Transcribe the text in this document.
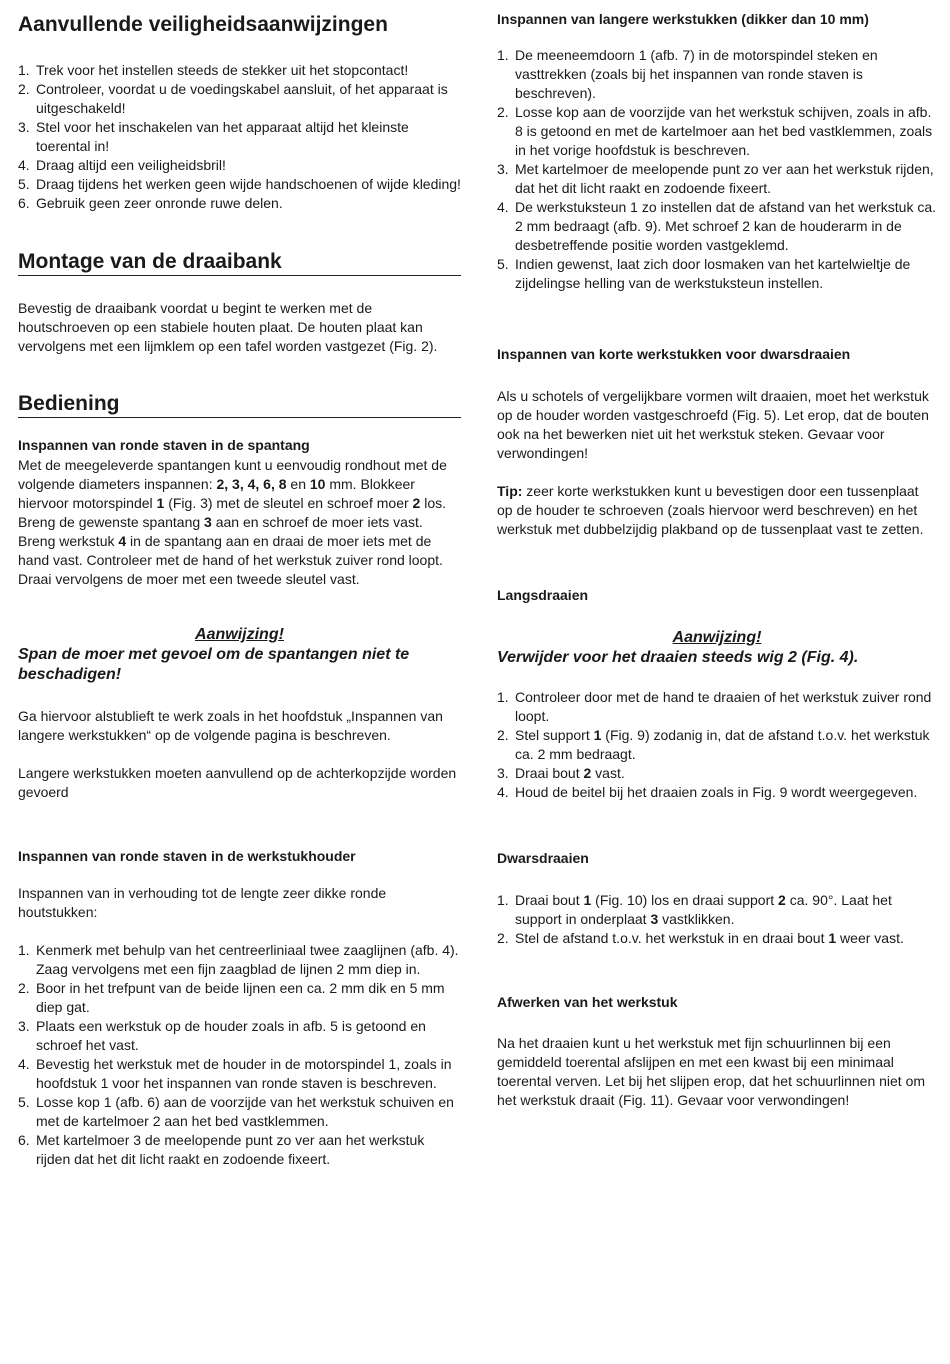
Aanvullende veiligheidsaanwijzingen
1. Trek voor het instellen steeds de stekker uit het stopcontact!
2. Controleer, voordat u de voedingskabel aansluit, of het apparaat is uitgeschakeld!
3. Stel voor het inschakelen van het apparaat altijd het kleinste toerental in!
4. Draag altijd een veiligheidsbril!
5. Draag tijdens het werken geen wijde handschoenen of wijde kleding!
6. Gebruik geen zeer onronde ruwe delen.
Montage van de draaibank

Bevestig de draaibank voordat u begint te werken met de houtschroeven op een stabiele houten plaat. De houten plaat kan vervolgens met een lijmklem op een tafel worden vastgezet (Fig. 2).

Bediening
Inspannen van ronde staven in de spantang

Met de meegeleverde spantangen kunt u eenvoudig rondhout met de volgende diameters inspannen: 2, 3, 4, 6, 8 en 10 mm. Blokkeer hiervoor motorspindel 1 (Fig. 3) met de sleutel en schroef moer 2 los. Breng de gewenste spantang 3 aan en schroef de moer iets vast. Breng werkstuk 4 in de spantang aan en draai de moer iets met de hand vast. Controleer met de hand of het werkstuk zuiver rond loopt. Draai vervolgens de moer met een tweede sleutel vast.

Aanwijzing!

Span de moer met gevoel om de spantangen niet te beschadigen!

Ga hiervoor alstublieft te werk zoals in het hoofdstuk „Inspannen van langere werkstukken“ op de volgende pagina is beschreven.

Langere werkstukken moeten aanvullend op de achterkopzijde worden gevoerd

Inspannen van ronde staven in de werkstukhouder

Inspannen van in verhouding tot de lengte zeer dikke ronde houtstukken:

1. Kenmerk met behulp van het centreerliniaal twee zaaglijnen (afb. 4). Zaag vervolgens met een fijn zaagblad de lijnen 2 mm diep in.
2. Boor in het trefpunt van de beide lijnen een ca. 2 mm dik en 5 mm diep gat.
3. Plaats een werkstuk op de houder zoals in afb. 5 is getoond en schroef het vast.
4. Bevestig het werkstuk met de houder in de motorspindel 1, zoals in hoofdstuk 1 voor het inspannen van ronde staven is beschreven.
5. Losse kop 1 (afb. 6) aan de voorzijde van het werkstuk schuiven en met de kartelmoer 2 aan het bed vastklemmen.
6. Met kartelmoer 3 de meelopende punt zo ver aan het werkstuk rijden dat het dit licht raakt en zodoende fixeert.
Inspannen van langere werkstukken (dikker dan 10 mm)
1. De meeneemdoorn 1 (afb. 7) in de motorspindel steken en vasttrekken (zoals bij het inspannen van ronde staven is beschreven).
2. Losse kop aan de voorzijde van het werkstuk schijven, zoals in afb. 8 is getoond en met de kartelmoer aan het bed vastklemmen, zoals in het vorige hoofdstuk is beschreven.
3. Met kartelmoer de meelopende punt zo ver aan het werkstuk rijden, dat het dit licht raakt en zodoende fixeert.
4. De werkstuksteun 1 zo instellen dat de afstand van het werkstuk ca. 2 mm bedraagt (afb. 9). Met schroef 2 kan de houderarm in de desbetreffende positie worden vastgeklemd.
5. Indien gewenst, laat zich door losmaken van het kartelwieltje de zijdelingse helling van de werkstuksteun instellen.
Inspannen van korte werkstukken voor dwarsdraaien

Als u schotels of vergelijkbare vormen wilt draaien, moet het werkstuk op de houder worden vastgeschroefd (Fig. 5). Let erop, dat de bouten ook na het bewerken niet uit het werkstuk steken. Gevaar voor verwondingen!

Tip: zeer korte werkstukken kunt u bevestigen door een tussenplaat op de houder te schroeven (zoals hiervoor werd beschreven) en het werkstuk met dubbelzijdig plakband op de tussenplaat vast te zetten.

Langsdraaien

Aanwijzing!

Verwijder voor het draaien steeds wig 2 (Fig. 4).

1. Controleer door met de hand te draaien of het werkstuk zuiver rond loopt.
2. Stel support 1 (Fig. 9) zodanig in, dat de afstand t.o.v. het werkstuk ca. 2 mm bedraagt.
3. Draai bout 2 vast.
4. Houd de beitel bij het draaien zoals in Fig. 9 wordt weergegeven.
Dwarsdraaien
1. Draai bout 1 (Fig. 10) los en draai support 2 ca. 90°. Laat het support in onderplaat 3 vastklikken.
2. Stel de afstand t.o.v. het werkstuk in en draai bout 1 weer vast.
Afwerken van het werkstuk

Na het draaien kunt u het werkstuk met fijn schuurlinnen bij een gemiddeld toerental afslijpen en met een kwast bij een minimaal toerental verven. Let bij het slijpen erop, dat het schuurlinnen niet om het werkstuk draait (Fig. 11). Gevaar voor verwondingen!
